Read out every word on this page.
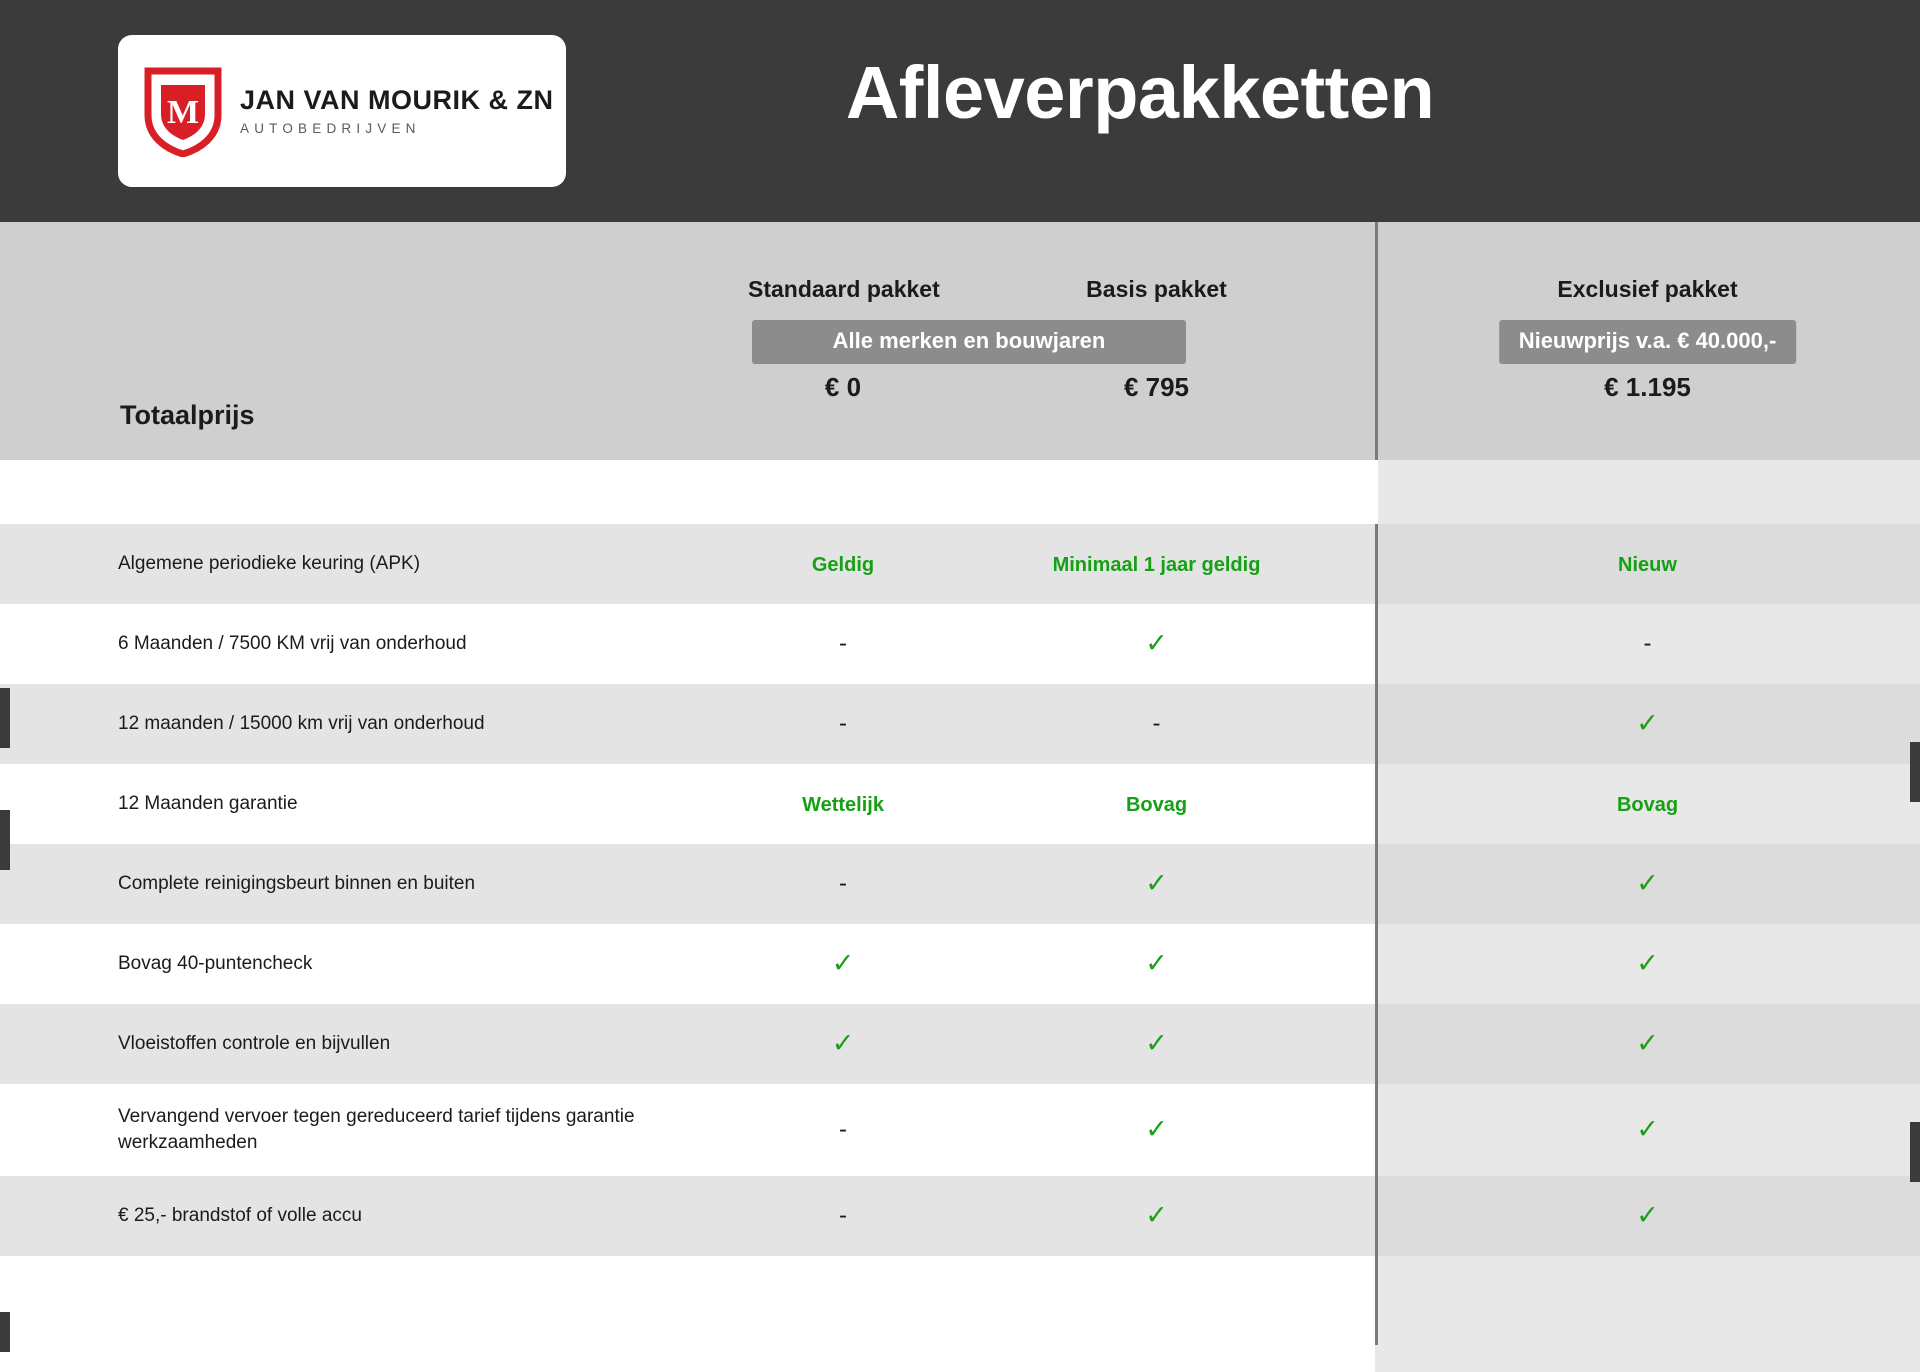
M JAN VAN MOURIK & ZN
AUTOBEDRIJVEN	Afleverpakketten
Totaalprijs

Standaard pakket	Basis pakket
Alle merken en bouwjaren
€ 0	€ 795

Exclusief pakket
Nieuwprijs v.a. € 40.000,-
€ 1.195

Algemene periodieke keuring (APK)	Geldig	Minimaal 1 jaar geldig	Nieuw
6 Maanden / 7500 KM vrij van onderhoud	-	✓	-
12 maanden / 15000 km vrij van onderhoud	-	-	✓
12 Maanden garantie	Wettelijk	Bovag	Bovag
Complete reinigingsbeurt binnen en buiten	-	✓	✓
Bovag 40-puntencheck	✓	✓	✓
Vloeistoffen controle en bijvullen	✓	✓	✓
Vervangend vervoer tegen gereduceerd tarief tijdens garantie werkzaamheden	-	✓	✓
€ 25,- brandstof of volle accu	-	✓	✓
